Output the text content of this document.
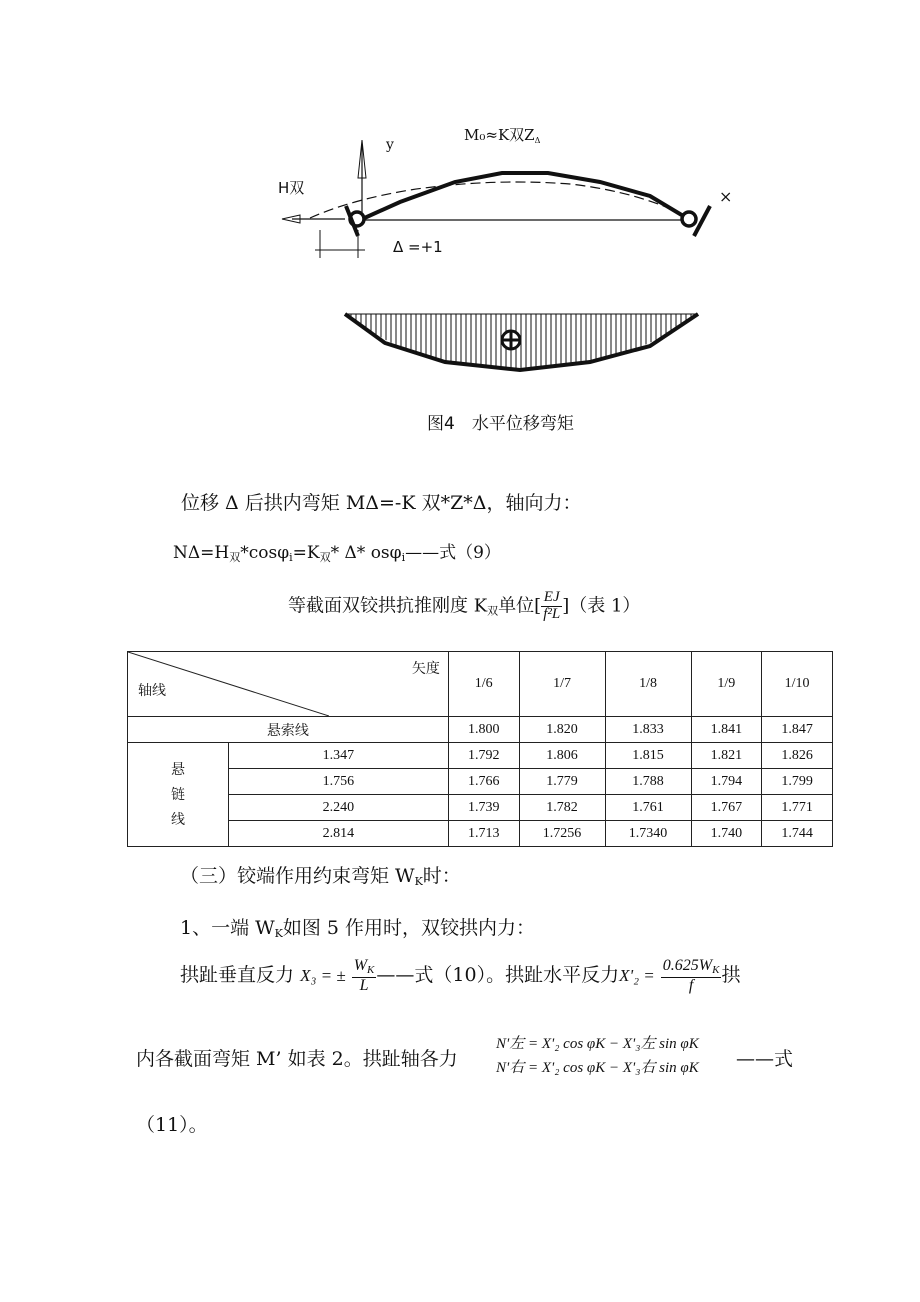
M₀≈K双$Z_\Delta$
y
×
H双
Δ =+1
图4　水平位移弯矩
位移 Δ 后拱内弯矩 MΔ=-K 双*Z*Δ，轴向力：
$N\Delta=H_双*\cos\varphi_i=K_双*$ Δ* osφ$_i$——式（9）
等截面双铰拱抗推刚度 $K_双$单位[ $\frac{EJ}{\text{f²L}}$ ]（表 1）
矢度
轴线		1/6	1/7	1/8	1/9	1/10
悬索线		1.800	1.820	1.833	1.841	1.847
悬
链
线	1.347	1.792	1.806	1.815	1.821	1.826
	1.756	1.766	1.779	1.788	1.794	1.799
	2.240	1.739	1.782	1.761	1.767	1.771
	2.814	1.713	1.7256	1.7340	1.740	1.744
（三）铰端作用约束弯矩 $W_K$时：
1、一端 $W_K$如图 5 作用时，双铰拱内力：
拱趾垂直反力 X₃ = ± $\frac{W_K}{L}$ ——式（10）。拱趾水平反力$X'_2 = \frac{0.625W_K}{f}$ 拱
内各截面弯矩 M’ 如表 2。拱趾轴各力
N'左 = X'₂ cos φK − X'₃左 sin φK
N'右 = X'₂ cos φK − X'₃右 sin φK ——式
（11）。
